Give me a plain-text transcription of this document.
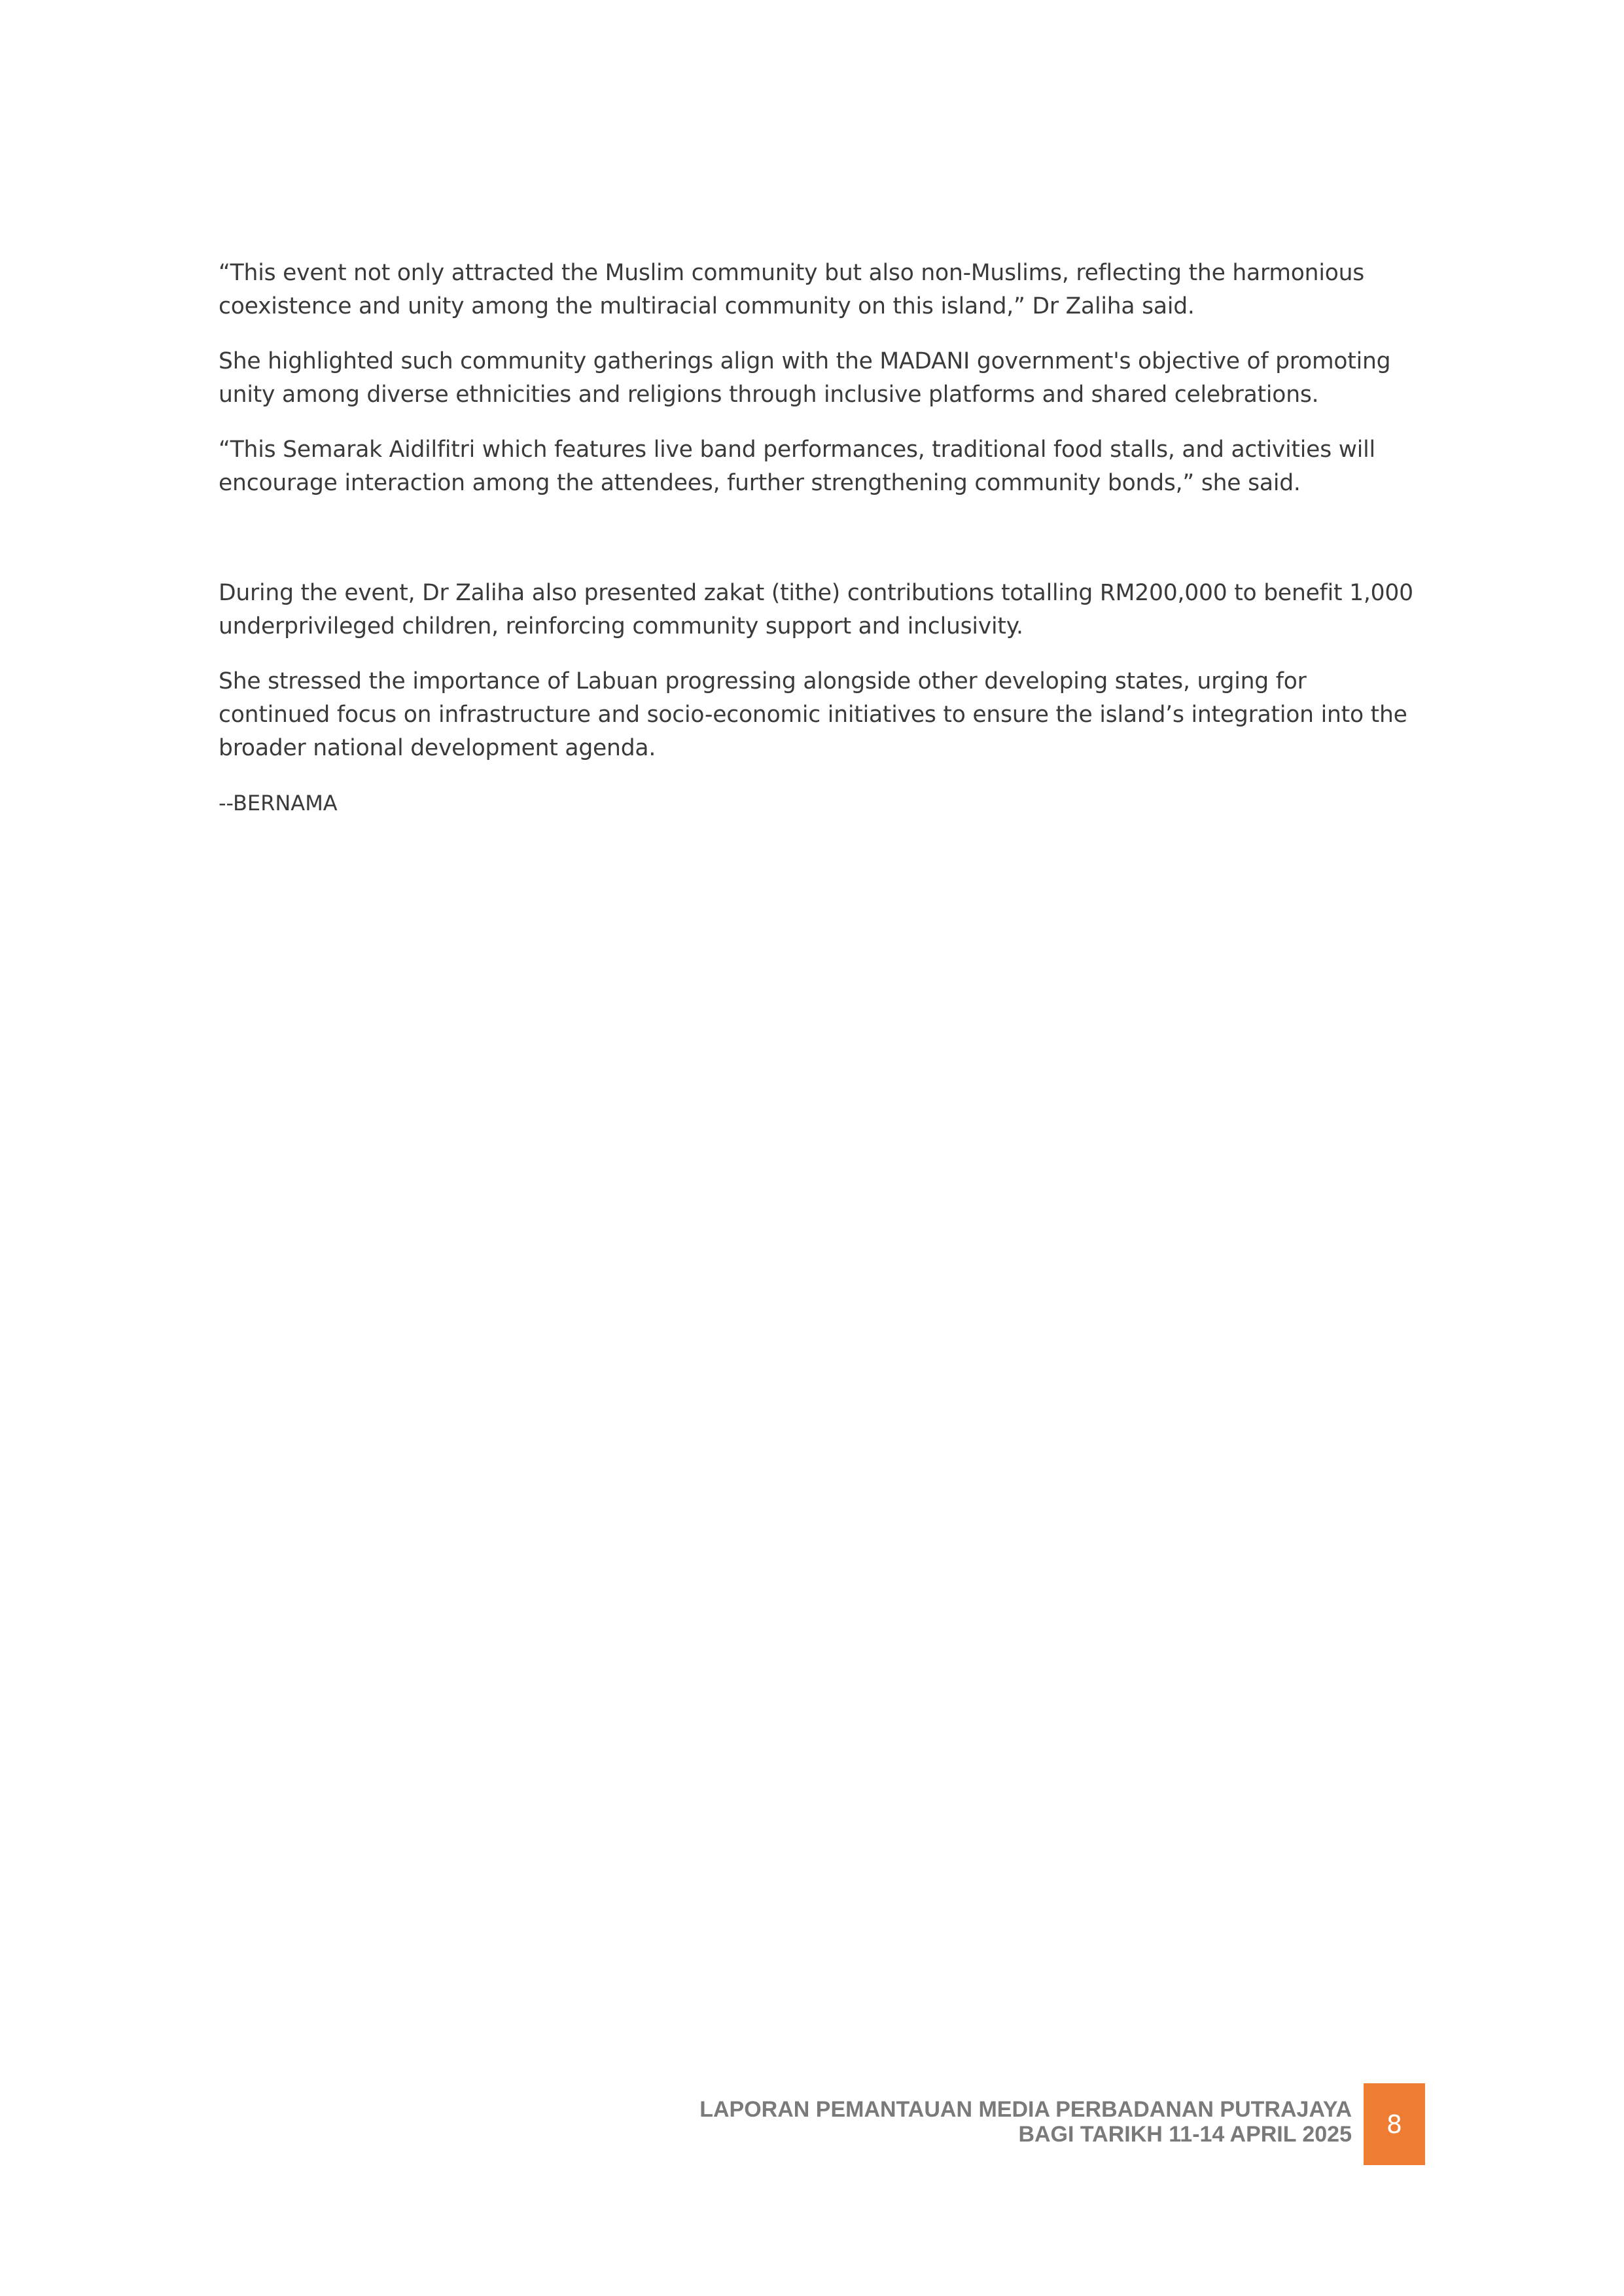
“This event not only attracted the Muslim community but also non-Muslims, reflecting the harmonious coexistence and unity among the multiracial community on this island,” Dr Zaliha said.

She highlighted such community gatherings align with the MADANI government's objective of promoting unity among diverse ethnicities and religions through inclusive platforms and shared celebrations.

“This Semarak Aidilfitri which features live band performances, traditional food stalls, and activities will encourage interaction among the attendees, further strengthening community bonds,” she said.

During the event, Dr Zaliha also presented zakat (tithe) contributions totalling RM200,000 to benefit 1,000 underprivileged children, reinforcing community support and inclusivity.

She stressed the importance of Labuan progressing alongside other developing states, urging for continued focus on infrastructure and socio-economic initiatives to ensure the island’s integration into the broader national development agenda.

--BERNAMA

LAPORAN PEMANTAUAN MEDIA PERBADANAN PUTRAJAYA
BAGI TARIKH 11-14 APRIL 2025	8
